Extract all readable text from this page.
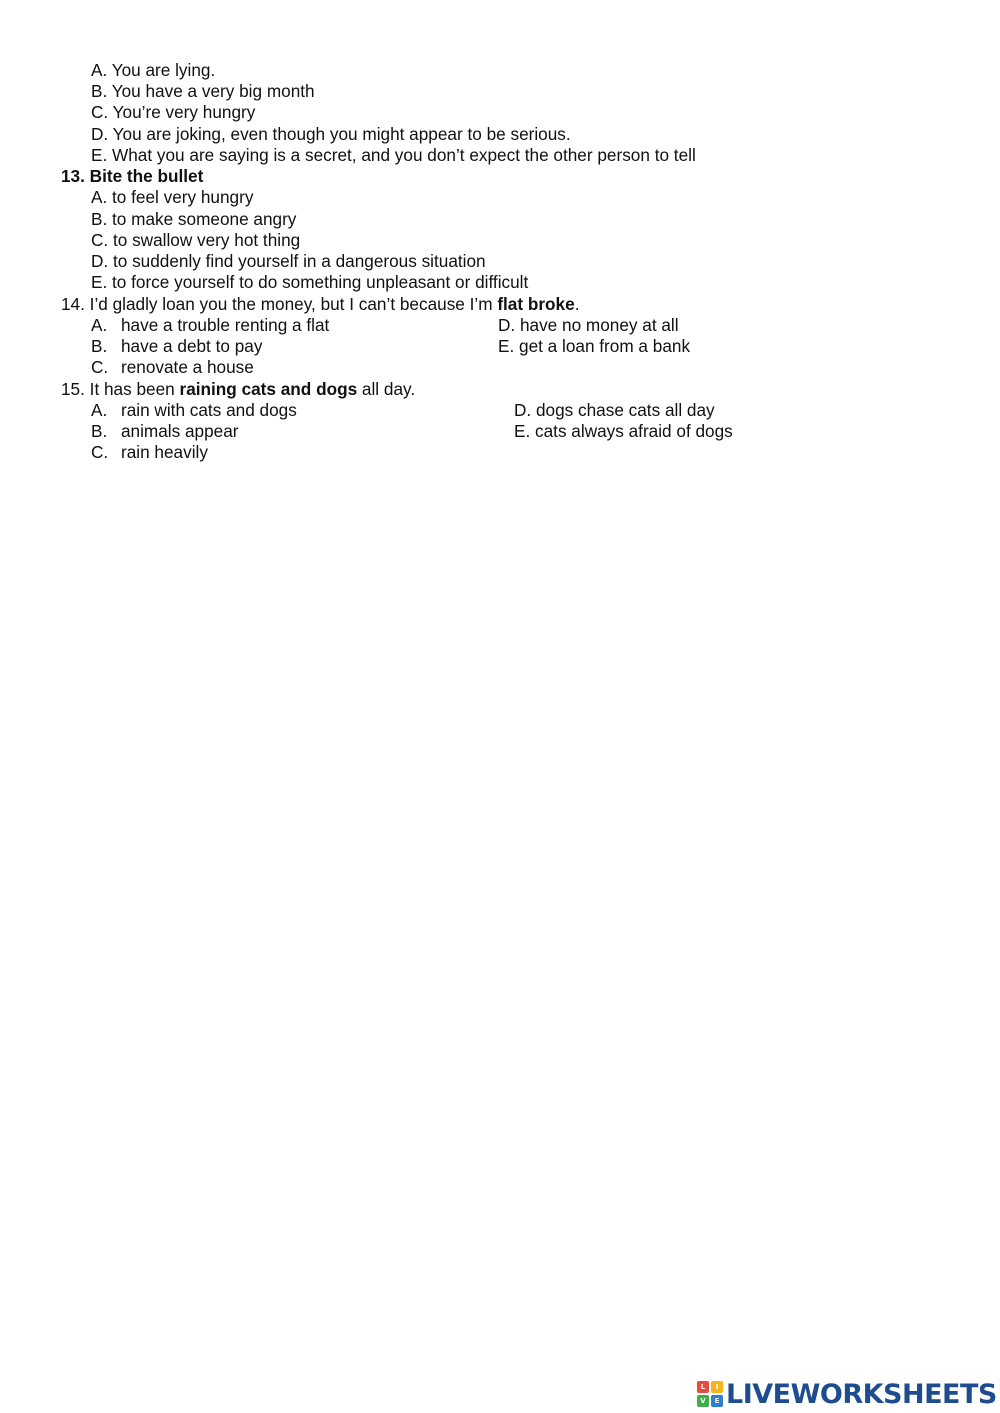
A. You are lying.

B. You have a very big month

C. You’re very hungry

D. You are joking, even though you might appear to be serious.

E. What you are saying is a secret, and you don’t expect the other person to tell

13. Bite the bullet

A. to feel very hungry

B. to make someone angry

C. to swallow very hot thing

D. to suddenly find yourself in a dangerous situation

E. to force yourself to do something unpleasant or difficult

14. I’d gladly loan you the money, but I can’t because I’m flat broke.

A. have a trouble renting a flat	D. have no money at all

B. have a debt to pay	E. get a loan from a bank

C. renovate a house

15. It has been raining cats and dogs all day.

A. rain with cats and dogs	D. dogs chase cats all day

B. animals appear	E. cats always afraid of dogs

C. rain heavily

L	I
V	E LIVEWORKSHEETS
